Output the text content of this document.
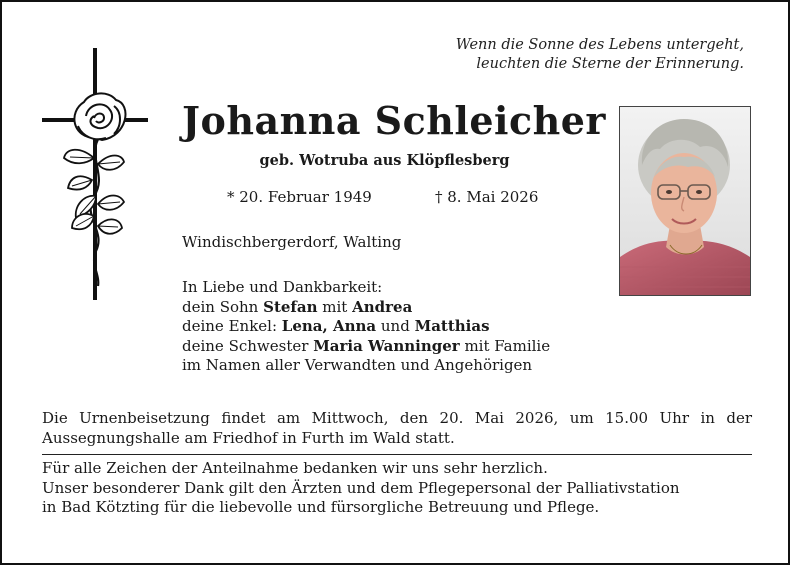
Wenn die Sonne des Lebens untergeht,
leuchten die Sterne der Erinnerung.
Johanna Schleicher
geb. Wotruba aus Klöpflesberg
* 20. Februar 1949	† 8. Mai 2026
Windischbergerdorf, Walting
In Liebe und Dankbarkeit:
dein Sohn Stefan mit Andrea
deine Enkel: Lena, Anna und Matthias
deine Schwester Maria Wanninger mit Familie
im Namen aller Verwandten und Angehörigen
Die Urnenbeisetzung findet am Mittwoch, den 20. Mai 2026, um 15.00 Uhr in der Aussegnungshalle am Friedhof in Furth im Wald statt.
Für alle Zeichen der Anteilnahme bedanken wir uns sehr herzlich.
Unser besonderer Dank gilt den Ärzten und dem Pflegepersonal der Palliativstation
in Bad Kötzting für die liebevolle und fürsorgliche Betreuung und Pflege.
